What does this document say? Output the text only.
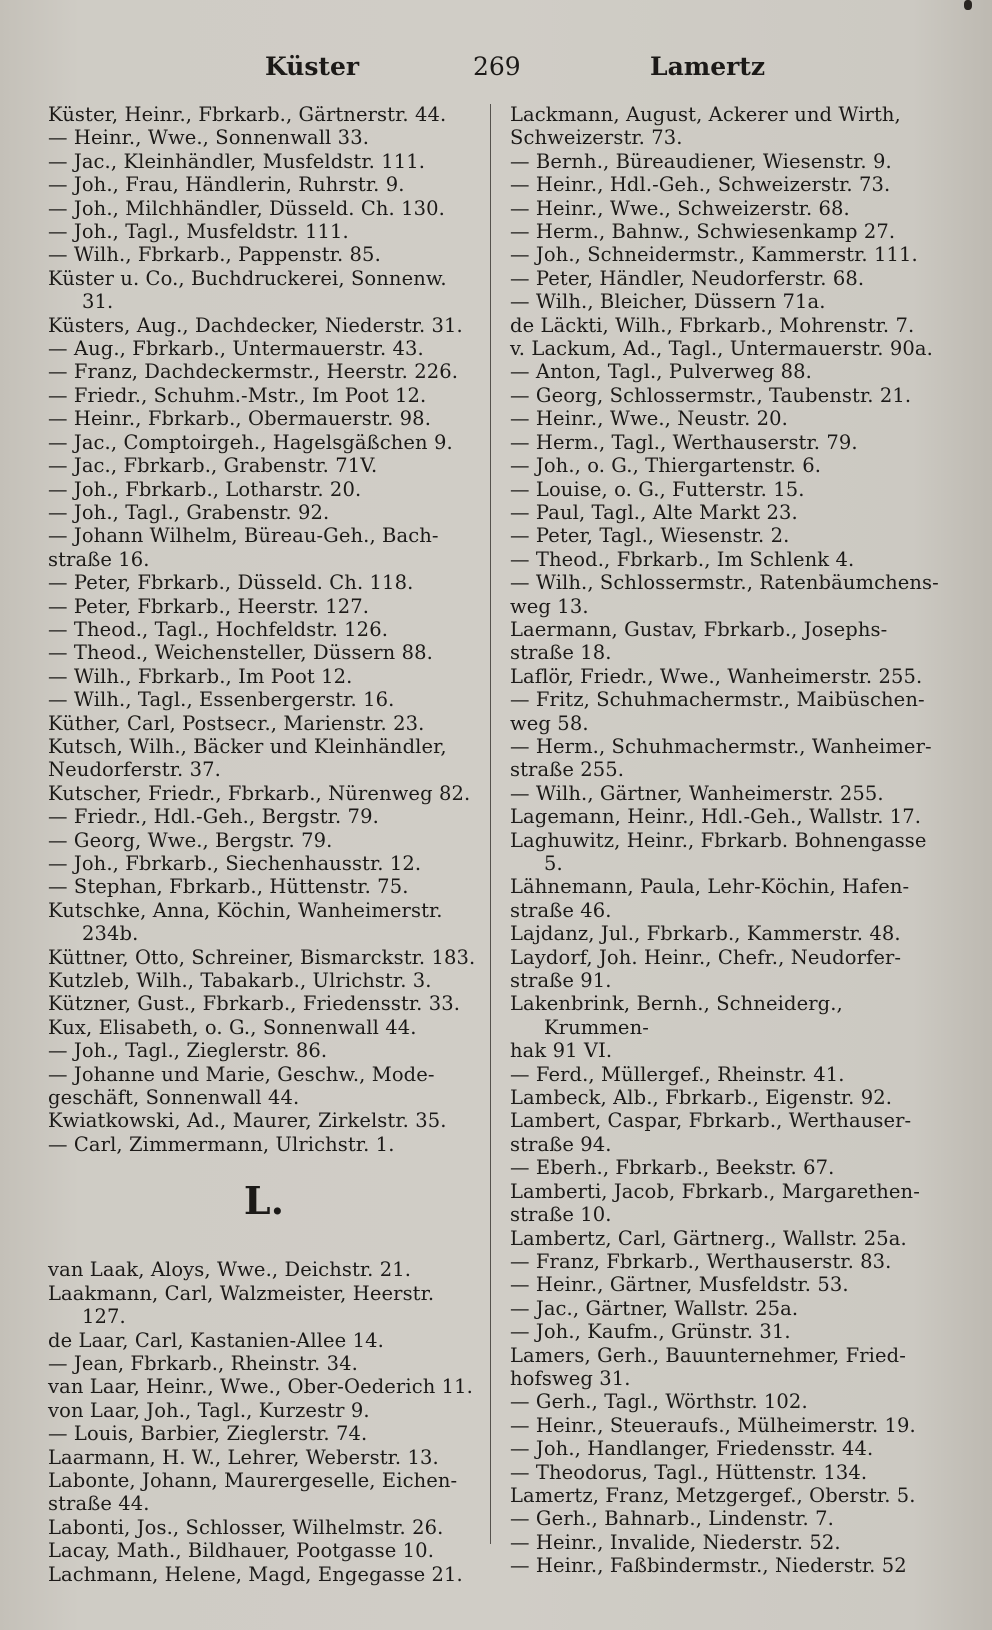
Küster	269	Lamertz
Küster, Heinr., Fbrkarb., Gärtnerstr. 44.
— Heinr., Wwe., Sonnenwall 33.
— Jac., Kleinhändler, Musfeldstr. 111.
— Joh., Frau, Händlerin, Ruhrstr. 9.
— Joh., Milchhändler, Düsseld. Ch. 130.
— Joh., Tagl., Musfeldstr. 111.
— Wilh., Fbrkarb., Pappenstr. 85.
Küster u. Co., Buchdruckerei, Sonnenw. 31.
Küsters, Aug., Dachdecker, Niederstr. 31.
— Aug., Fbrkarb., Untermauerstr. 43.
— Franz, Dachdeckermstr., Heerstr. 226.
— Friedr., Schuhm.-Mstr., Im Poot 12.
— Heinr., Fbrkarb., Obermauerstr. 98.
— Jac., Comptoirgeh., Hagelsgäßchen 9.
— Jac., Fbrkarb., Grabenstr. 71V.
— Joh., Fbrkarb., Lotharstr. 20.
— Joh., Tagl., Grabenstr. 92.
— Johann Wilhelm, Büreau-Geh., Bach-
straße 16.
— Peter, Fbrkarb., Düsseld. Ch. 118.
— Peter, Fbrkarb., Heerstr. 127.
— Theod., Tagl., Hochfeldstr. 126.
— Theod., Weichensteller, Düssern 88.
— Wilh., Fbrkarb., Im Poot 12.
— Wilh., Tagl., Essenbergerstr. 16.
Küther, Carl, Postsecr., Marienstr. 23.
Kutsch, Wilh., Bäcker und Kleinhändler,
Neudorferstr. 37.
Kutscher, Friedr., Fbrkarb., Nürenweg 82.
— Friedr., Hdl.-Geh., Bergstr. 79.
— Georg, Wwe., Bergstr. 79.
— Joh., Fbrkarb., Siechenhausstr. 12.
— Stephan, Fbrkarb., Hüttenstr. 75.
Kutschke, Anna, Köchin, Wanheimerstr. 234b.
Küttner, Otto, Schreiner, Bismarckstr. 183.
Kutzleb, Wilh., Tabakarb., Ulrichstr. 3.
Kützner, Gust., Fbrkarb., Friedensstr. 33.
Kux, Elisabeth, o. G., Sonnenwall 44.
— Joh., Tagl., Zieglerstr. 86.
— Johanne und Marie, Geschw., Mode-
geschäft, Sonnenwall 44.
Kwiatkowski, Ad., Maurer, Zirkelstr. 35.
— Carl, Zimmermann, Ulrichstr. 1.
L.
van Laak, Aloys, Wwe., Deichstr. 21.
Laakmann, Carl, Walzmeister, Heerstr. 127.
de Laar, Carl, Kastanien-Allee 14.
— Jean, Fbrkarb., Rheinstr. 34.
van Laar, Heinr., Wwe., Ober-Oederich 11.
von Laar, Joh., Tagl., Kurzestr 9.
— Louis, Barbier, Zieglerstr. 74.
Laarmann, H. W., Lehrer, Weberstr. 13.
Labonte, Johann, Maurergeselle, Eichen-
straße 44.
Labonti, Jos., Schlosser, Wilhelmstr. 26.
Lacay, Math., Bildhauer, Pootgasse 10.
Lachmann, Helene, Magd, Engegasse 21.
Lackmann, August, Ackerer und Wirth,
Schweizerstr. 73.
— Bernh., Büreaudiener, Wiesenstr. 9.
— Heinr., Hdl.-Geh., Schweizerstr. 73.
— Heinr., Wwe., Schweizerstr. 68.
— Herm., Bahnw., Schwiesenkamp 27.
— Joh., Schneidermstr., Kammerstr. 111.
— Peter, Händler, Neudorferstr. 68.
— Wilh., Bleicher, Düssern 71a.
de Läckti, Wilh., Fbrkarb., Mohrenstr. 7.
v. Lackum, Ad., Tagl., Untermauerstr. 90a.
— Anton, Tagl., Pulverweg 88.
— Georg, Schlossermstr., Taubenstr. 21.
— Heinr., Wwe., Neustr. 20.
— Herm., Tagl., Werthauserstr. 79.
— Joh., o. G., Thiergartenstr. 6.
— Louise, o. G., Futterstr. 15.
— Paul, Tagl., Alte Markt 23.
— Peter, Tagl., Wiesenstr. 2.
— Theod., Fbrkarb., Im Schlenk 4.
— Wilh., Schlossermstr., Ratenbäumchens-
weg 13.
Laermann, Gustav, Fbrkarb., Josephs-
straße 18.
Laflör, Friedr., Wwe., Wanheimerstr. 255.
— Fritz, Schuhmachermstr., Maibüschen-
weg 58.
— Herm., Schuhmachermstr., Wanheimer-
straße 255.
— Wilh., Gärtner, Wanheimerstr. 255.
Lagemann, Heinr., Hdl.-Geh., Wallstr. 17.
Laghuwitz, Heinr., Fbrkarb. Bohnengasse 5.
Lähnemann, Paula, Lehr-Köchin, Hafen-
straße 46.
Lajdanz, Jul., Fbrkarb., Kammerstr. 48.
Laydorf, Joh. Heinr., Chefr., Neudorfer-
straße 91.
Lakenbrink, Bernh., Schneiderg., Krummen-
hak 91 VI.
— Ferd., Müllergef., Rheinstr. 41.
Lambeck, Alb., Fbrkarb., Eigenstr. 92.
Lambert, Caspar, Fbrkarb., Werthauser-
straße 94.
— Eberh., Fbrkarb., Beekstr. 67.
Lamberti, Jacob, Fbrkarb., Margarethen-
straße 10.
Lambertz, Carl, Gärtnerg., Wallstr. 25a.
— Franz, Fbrkarb., Werthauserstr. 83.
— Heinr., Gärtner, Musfeldstr. 53.
— Jac., Gärtner, Wallstr. 25a.
— Joh., Kaufm., Grünstr. 31.
Lamers, Gerh., Bauunternehmer, Fried-
hofsweg 31.
— Gerh., Tagl., Wörthstr. 102.
— Heinr., Steueraufs., Mülheimerstr. 19.
— Joh., Handlanger, Friedensstr. 44.
— Theodorus, Tagl., Hüttenstr. 134.
Lamertz, Franz, Metzgergef., Oberstr. 5.
— Gerh., Bahnarb., Lindenstr. 7.
— Heinr., Invalide, Niederstr. 52.
— Heinr., Faßbindermstr., Niederstr. 52
